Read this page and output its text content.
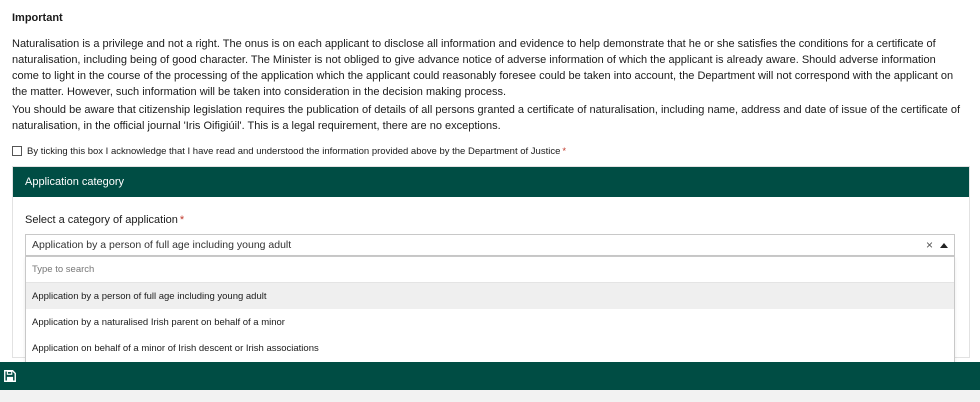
Important
Naturalisation is a privilege and not a right. The onus is on each applicant to disclose all information and evidence to help demonstrate that he or she satisfies the conditions for a certificate of naturalisation, including being of good character. The Minister is not obliged to give advance notice of adverse information of which the applicant is already aware. Should adverse information come to light in the course of the processing of the application which the applicant could reasonably foresee could be taken into account, the Department will not correspond with the applicant on the matter. However, such information will be taken into consideration in the decision making process.
You should be aware that citizenship legislation requires the publication of details of all persons granted a certificate of naturalisation, including name, address and date of issue of the certificate of naturalisation, in the official journal 'Iris Oifigiúil'. This is a legal requirement, there are no exceptions.
By ticking this box I acknowledge that I have read and understood the information provided above by the Department of Justice *
Application category
Select a category of application *
Application by a person of full age including young adult	×
Type to search
Application by a person of full age including young adult
Application by a naturalised Irish parent on behalf of a minor
Application on behalf of a minor of Irish descent or Irish associations
